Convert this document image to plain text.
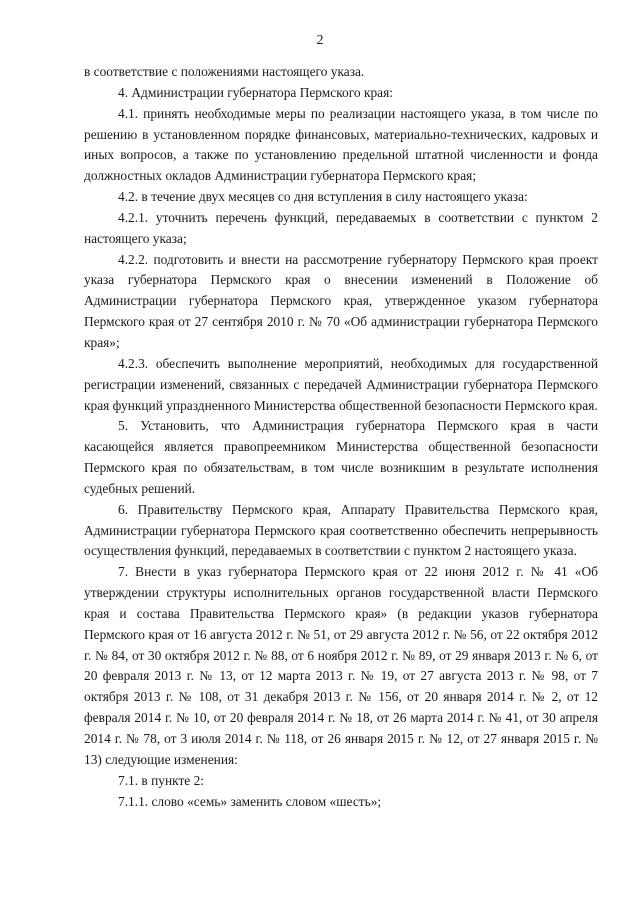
2

в соответствие с положениями настоящего указа.

4. Администрации губернатора Пермского края:

4.1. принять необходимые меры по реализации настоящего указа, в том числе по решению в установленном порядке финансовых, материально-технических, кадровых и иных вопросов, а также по установлению предельной штатной численности и фонда должностных окладов Администрации губернатора Пермского края;

4.2. в течение двух месяцев со дня вступления в силу настоящего указа:

4.2.1. уточнить перечень функций, передаваемых в соответствии с пунктом 2 настоящего указа;

4.2.2. подготовить и внести на рассмотрение губернатору Пермского края проект указа губернатора Пермского края о внесении изменений в Положение об Администрации губернатора Пермского края, утвержденное указом губернатора Пермского края от 27 сентября 2010 г. № 70 «Об администрации губернатора Пермского края»;

4.2.3. обеспечить выполнение мероприятий, необходимых для государственной регистрации изменений, связанных с передачей Администрации губернатора Пермского края функций упраздненного Министерства общественной безопасности Пермского края.

5. Установить, что Администрация губернатора Пермского края в части касающейся является правопреемником Министерства общественной безопасности Пермского края по обязательствам, в том числе возникшим в результате исполнения судебных решений.

6. Правительству Пермского края, Аппарату Правительства Пермского края, Администрации губернатора Пермского края соответственно обеспечить непрерывность осуществления функций, передаваемых в соответствии с пунктом 2 настоящего указа.

7. Внести в указ губернатора Пермского края от 22 июня 2012 г. № 41 «Об утверждении структуры исполнительных органов государственной власти Пермского края и состава Правительства Пермского края» (в редакции указов губернатора Пермского края от 16 августа 2012 г. № 51, от 29 августа 2012 г. № 56, от 22 октября 2012 г. № 84, от 30 октября 2012 г. № 88, от 6 ноября 2012 г. № 89, от 29 января 2013 г. № 6, от 20 февраля 2013 г. № 13, от 12 марта 2013 г. № 19, от 27 августа 2013 г. № 98, от 7 октября 2013 г. № 108, от 31 декабря 2013 г. № 156, от 20 января 2014 г. № 2, от 12 февраля 2014 г. № 10, от 20 февраля 2014 г. № 18, от 26 марта 2014 г. № 41, от 30 апреля 2014 г. № 78, от 3 июля 2014 г. № 118, от 26 января 2015 г. № 12, от 27 января 2015 г. № 13) следующие изменения:

7.1. в пункте 2:

7.1.1. слово «семь» заменить словом «шесть»;
